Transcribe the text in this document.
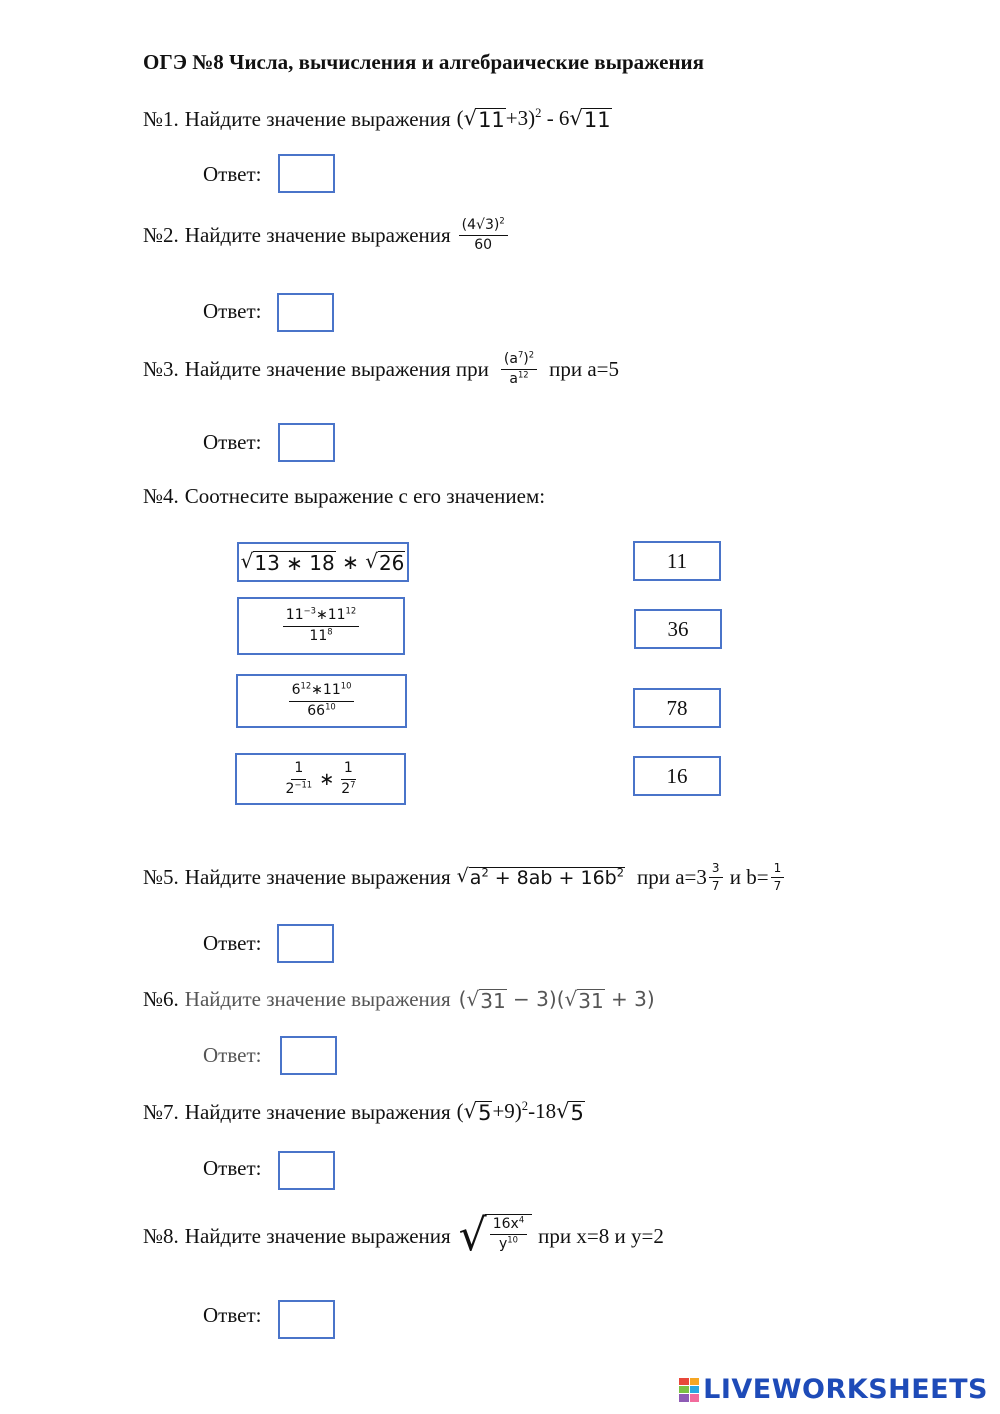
ОГЭ №8 Числа, вычисления и алгебраические выражения
№1. Найдите значение выражения ( √ 11 +3)$^2$ - 6 √ 11
Ответ:
№2. Найдите значение выражения $\frac{(4√3)^2}{60}$
Ответ:
№3. Найдите значение выражения при $\frac{(a^7)^2}{a^{12}}$ при a=5
Ответ:
№4. Соотнесите выражение с его значением:
√ 13 ∗ 18 ∗ √ 26
$\frac{11^{-3}∗11^{12}}{11^8}$
$\frac{6^{12}∗11^{10}}{66^{10}}$
$\frac{1}{2^{-11}}$ ∗ $\frac{1}{2^7}$
11
36
78
16
№5. Найдите значение выражения √ $a^2 + 8ab + 16b^2$ при $a=3 \frac{3}{7}$ и $b= \frac{1}{7}$
Ответ:
№6. Найдите значение выражения ( √ 31 − 3)( √ 31 + 3)
Ответ:
№7. Найдите значение выражения ( √ 5 +9)$^2$-18 √ 5
Ответ:
№8. Найдите значение выражения √ $\frac{16x^4}{y^{10}}$ при x=8 и y=2
Ответ:
LIVEWORKSHEETS
